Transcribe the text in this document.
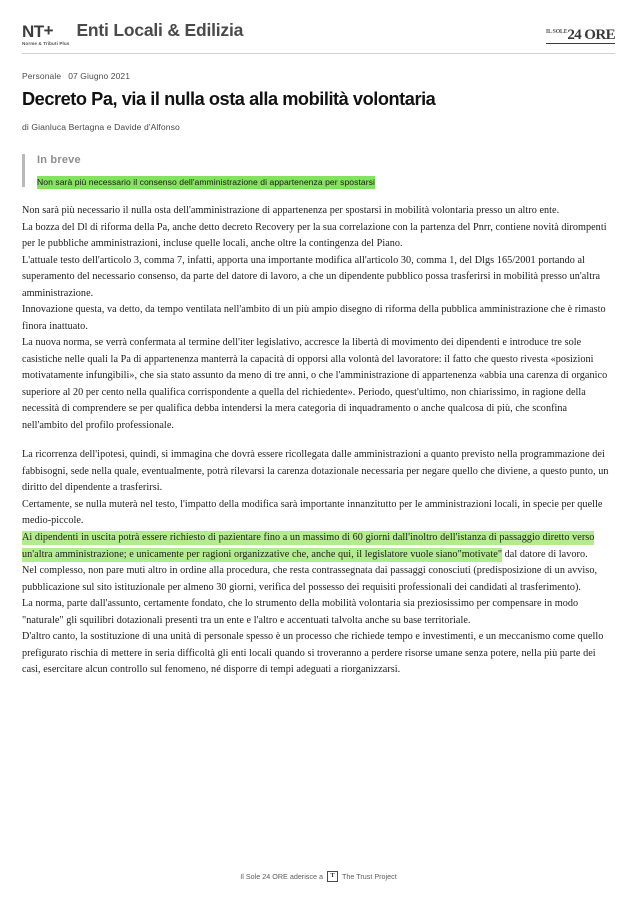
NT+
Norme & Tributi Plus
Enti Locali & Edilizia	$^{IL SOLE}$24 ORE
Personale 07 Giugno 2021
Decreto Pa, via il nulla osta alla mobilità volontaria
di Gianluca Bertagna e Davide d'Alfonso
In breve
Non sarà più necessario il consenso dell'amministrazione di appartenenza per spostarsi

Non sarà più necessario il nulla osta dell'amministrazione di appartenenza per spostarsi in mobilità volontaria presso un altro ente.

La bozza del Dl di riforma della Pa, anche detto decreto Recovery per la sua correlazione con la partenza del Pnrr, contiene novità dirompenti per le pubbliche amministrazioni, incluse quelle locali, anche oltre la contingenza del Piano.

L'attuale testo dell'articolo 3, comma 7, infatti, apporta una importante modifica all'articolo 30, comma 1, del Dlgs 165/2001 portando al superamento del necessario consenso, da parte del datore di lavoro, a che un dipendente pubblico possa trasferirsi in mobilità presso un'altra amministrazione.

Innovazione questa, va detto, da tempo ventilata nell'ambito di un più ampio disegno di riforma della pubblica amministrazione che è rimasto finora inattuato.

La nuova norma, se verrà confermata al termine dell'iter legislativo, accresce la libertà di movimento dei dipendenti e introduce tre sole casistiche nelle quali la Pa di appartenenza manterrà la capacità di opporsi alla volontà del lavoratore: il fatto che questo rivesta «posizioni motivatamente infungibili», che sia stato assunto da meno di tre anni, o che l'amministrazione di appartenenza «abbia una carenza di organico superiore al 20 per cento nella qualifica corrispondente a quella del richiedente». Periodo, quest'ultimo, non chiarissimo, in ragione della necessità di comprendere se per qualifica debba intendersi la mera categoria di inquadramento o anche qualcosa di più, che sconfina nell'ambito del profilo professionale.

La ricorrenza dell'ipotesi, quindi, si immagina che dovrà essere ricollegata dalle amministrazioni a quanto previsto nella programmazione dei fabbisogni, sede nella quale, eventualmente, potrà rilevarsi la carenza dotazionale necessaria per negare quello che diviene, a questo punto, un diritto del dipendente a trasferirsi.

Certamente, se nulla muterà nel testo, l'impatto della modifica sarà importante innanzitutto per le amministrazioni locali, in specie per quelle medio-piccole.

Ai dipendenti in uscita potrà essere richiesto di pazientare fino a un massimo di 60 giorni dall'inoltro dell'istanza di passaggio diretto verso un'altra amministrazione; e unicamente per ragioni organizzative che, anche qui, il legislatore vuole siano"motivate" dal datore di lavoro.

Nel complesso, non pare muti altro in ordine alla procedura, che resta contrassegnata dai passaggi conosciuti (predisposizione di un avviso, pubblicazione sul sito istituzionale per almeno 30 giorni, verifica del possesso dei requisiti professionali dei candidati al trasferimento).

La norma, parte dall'assunto, certamente fondato, che lo strumento della mobilità volontaria sia preziosissimo per compensare in modo "naturale" gli squilibri dotazionali presenti tra un ente e l'altro e accentuati talvolta anche su base territoriale.

D'altro canto, la sostituzione di una unità di personale spesso è un processo che richiede tempo e investimenti, e un meccanismo come quello prefigurato rischia di mettere in seria difficoltà gli enti locali quando si troveranno a perdere risorse umane senza potere, nella più parte dei casi, esercitare alcun controllo sul fenomeno, né disporre di tempi adeguati a riorganizzarsi.

Il Sole 24 ORE aderisce a	T	The Trust Project
